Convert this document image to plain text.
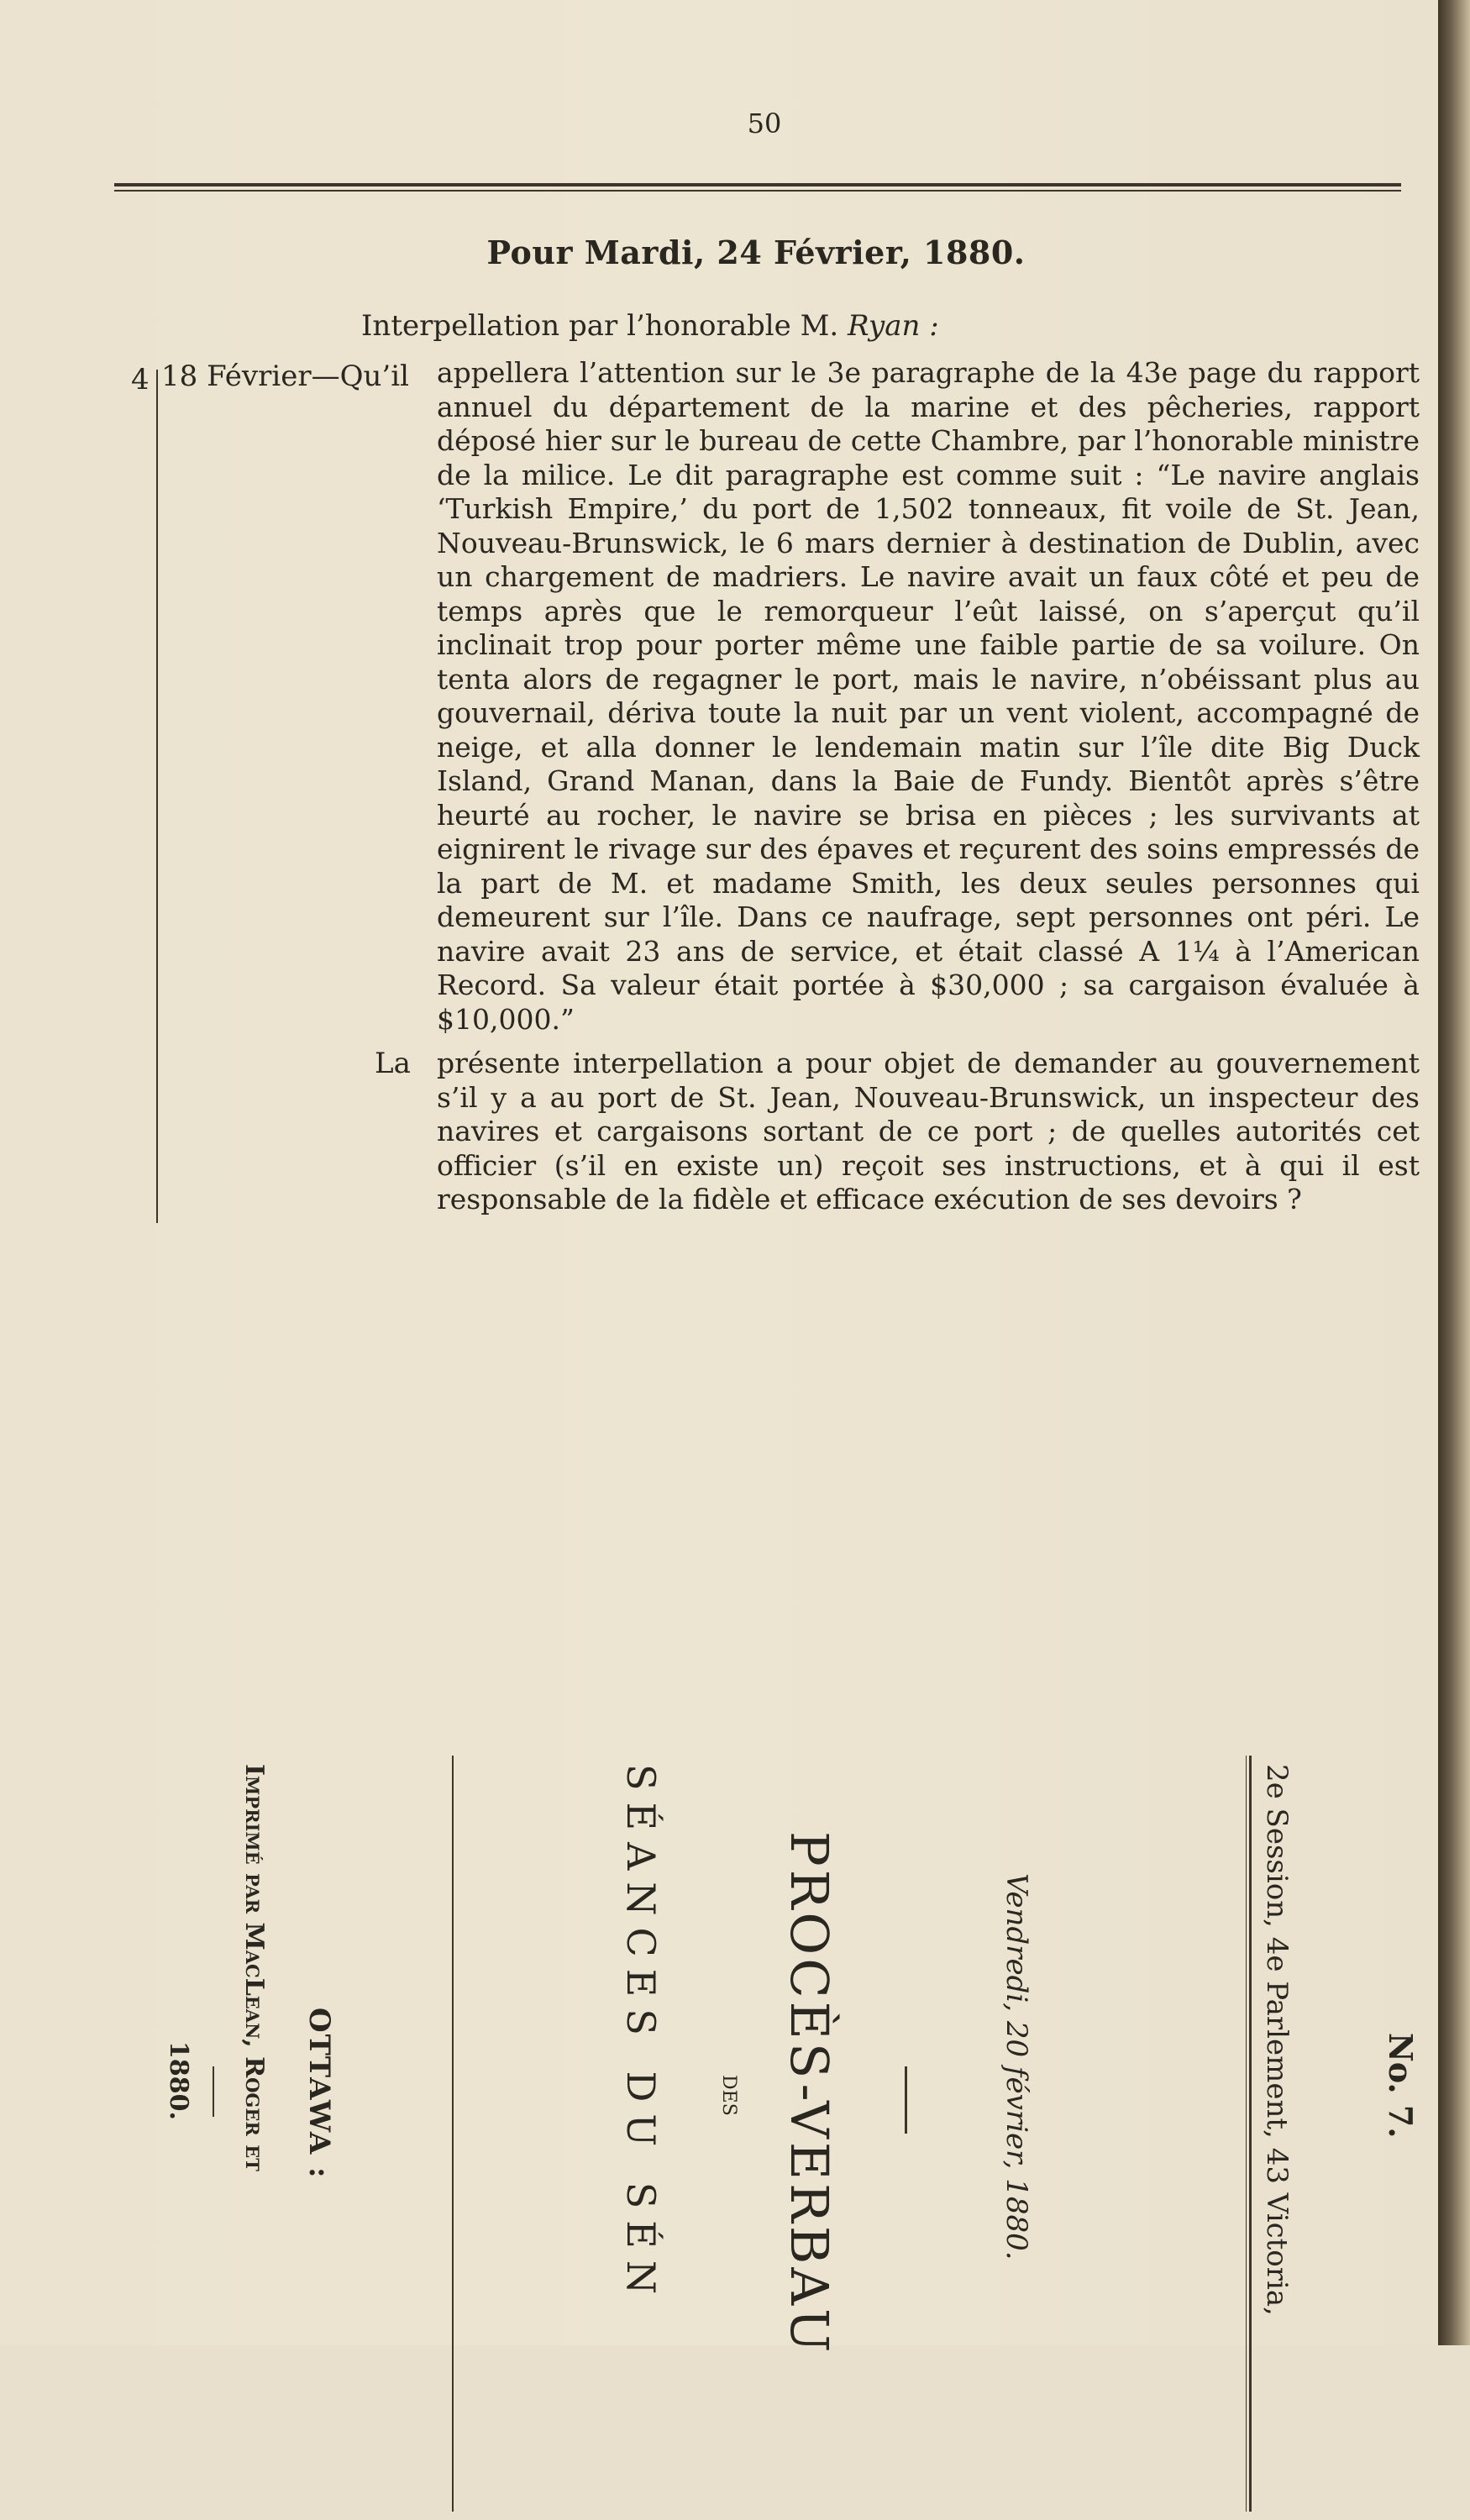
50
Pour Mardi, 24 Février, 1880.
Interpellation par l’honorable M. Ryan :
4 18 Février—Qu’il appellera l’attention sur le 3e paragraphe de la 43e page du rapport annuel du département de la marine et des pêcheries, rapport déposé hier sur le bureau de cette Chambre, par l’honorable ministre de la milice. Le dit paragraphe est comme suit : “Le navire anglais ‘Turkish Empire,’ du port de 1,502 tonneaux, fit voile de St. Jean, Nouveau-Brunswick, le 6 mars dernier à destination de Dublin, avec un chargement de madriers. Le navire avait un faux côté et peu de temps après que le remorqueur l’eût laissé, on s’aperçut qu’il inclinait trop pour porter même une faible partie de sa voilure. On tenta alors de regagner le port, mais le navire, n’obéissant plus au gouvernail, dériva toute la nuit par un vent violent, accompagné de neige, et alla donner le lendemain matin sur l’île dite Big Duck Island, Grand Manan, dans la Baie de Fundy. Bientôt après s’être heurté au rocher, le navire se brisa en pièces ; les survivants at eignirent le rivage sur des épaves et reçurent des soins empressés de la part de M. et madame Smith, les deux seules personnes qui demeurent sur l’île. Dans ce naufrage, sept personnes ont péri. Le navire avait 23 ans de service, et était classé A 1¼ à l’American Record. Sa valeur était portée à $30,000 ; sa cargaison évaluée à $10,000.”

La présente interpellation a pour objet de demander au gouvernement s’il y a au port de St. Jean, Nouveau-Brunswick, un inspecteur des navires et cargaisons sortant de ce port ; de quelles autorités cet officier (s’il en existe un) reçoit ses instructions, et à qui il est responsable de la fidèle et efficace exécution de ses devoirs ?

No. 7.
2e Session, 4e Parlement, 43 Victoria,
Vendredi, 20 février, 1880.
PROCÈS-VERBAU
DES
SÉANCES DU SÉN
OTTAWA :
Imprimé par MacLean, Roger et
1880.
